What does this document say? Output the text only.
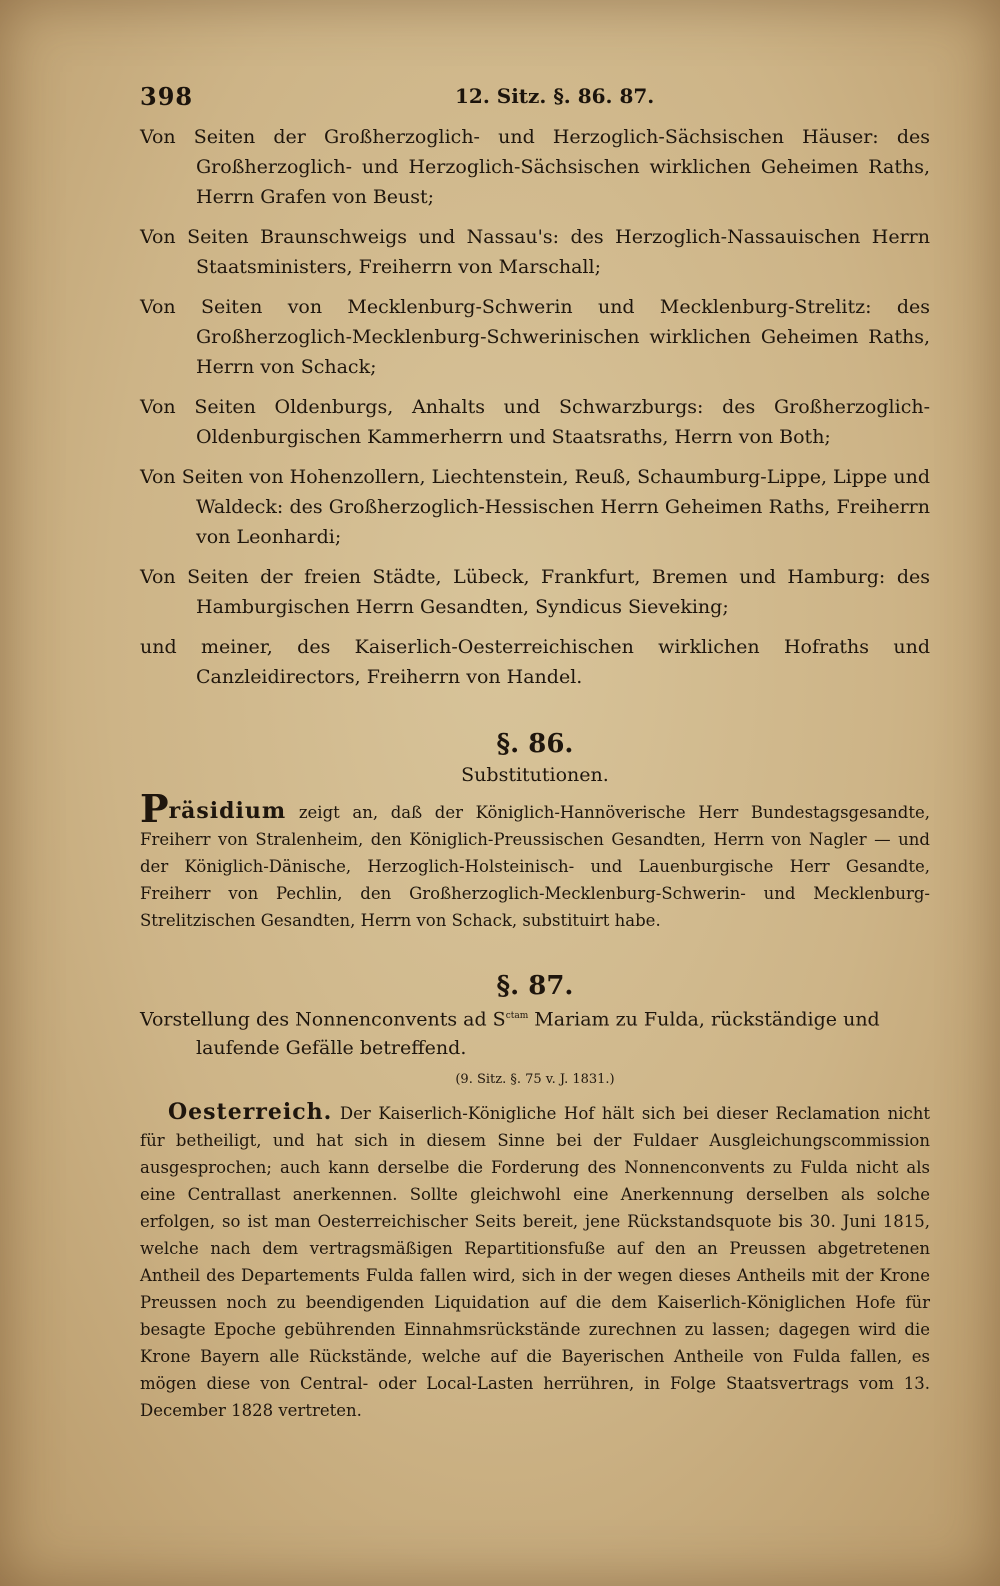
398	12. Sitz. §. 86. 87.

Von Seiten der Großherzoglich- und Herzoglich-Sächsischen Häuser: des Großherzoglich- und Herzoglich-Sächsischen wirklichen Geheimen Raths, Herrn Grafen von Beust;

Von Seiten Braunschweigs und Nassau's: des Herzoglich-Nassauischen Herrn Staatsministers, Freiherrn von Marschall;

Von Seiten von Mecklenburg-Schwerin und Mecklenburg-Strelitz: des Großherzoglich-Mecklenburg-Schwerinischen wirklichen Geheimen Raths, Herrn von Schack;

Von Seiten Oldenburgs, Anhalts und Schwarzburgs: des Großherzoglich-Oldenburgischen Kammerherrn und Staatsraths, Herrn von Both;

Von Seiten von Hohenzollern, Liechtenstein, Reuß, Schaumburg-Lippe, Lippe und Waldeck: des Großherzoglich-Hessischen Herrn Geheimen Raths, Freiherrn von Leonhardi;

Von Seiten der freien Städte, Lübeck, Frankfurt, Bremen und Hamburg: des Hamburgischen Herrn Gesandten, Syndicus Sieveking;

und meiner, des Kaiserlich-Oesterreichischen wirklichen Hofraths und Canzleidirectors, Freiherrn von Handel.

§. 86.
Substitutionen.

Präsidium zeigt an, daß der Königlich-Hannöverische Herr Bundestagsgesandte, Freiherr von Stralenheim, den Königlich-Preussischen Gesandten, Herrn von Nagler — und der Königlich-Dänische, Herzoglich-Holsteinisch- und Lauenburgische Herr Gesandte, Freiherr von Pechlin, den Großherzoglich-Mecklenburg-Schwerin- und Mecklenburg-Strelitzischen Gesandten, Herrn von Schack, substituirt habe.

§. 87.

Vorstellung des Nonnenconvents ad $S^{ctam}$ Mariam zu Fulda, rückständige und laufende Gefälle betreffend.

(9. Sitz. §. 75 v. J. 1831.)

Oesterreich. Der Kaiserlich-Königliche Hof hält sich bei dieser Reclamation nicht für betheiligt, und hat sich in diesem Sinne bei der Fuldaer Ausgleichungscommission ausgesprochen; auch kann derselbe die Forderung des Nonnenconvents zu Fulda nicht als eine Centrallast anerkennen. Sollte gleichwohl eine Anerkennung derselben als solche erfolgen, so ist man Oesterreichischer Seits bereit, jene Rückstandsquote bis 30. Juni 1815, welche nach dem vertragsmäßigen Repartitionsfuße auf den an Preussen abgetretenen Antheil des Departements Fulda fallen wird, sich in der wegen dieses Antheils mit der Krone Preussen noch zu beendigenden Liquidation auf die dem Kaiserlich-Königlichen Hofe für besagte Epoche gebührenden Einnahmsrückstände zurechnen zu lassen; dagegen wird die Krone Bayern alle Rückstände, welche auf die Bayerischen Antheile von Fulda fallen, es mögen diese von Central- oder Local-Lasten herrühren, in Folge Staatsvertrags vom 13. December 1828 vertreten.
